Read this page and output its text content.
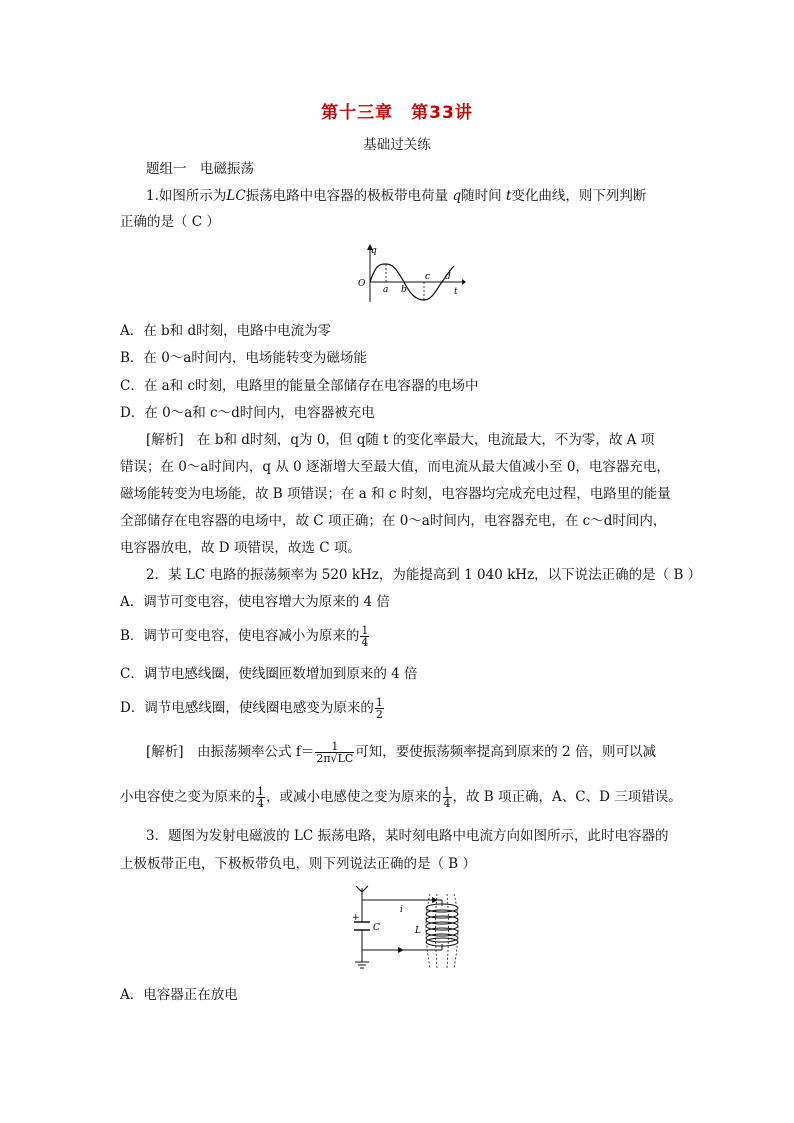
第十三章　第33讲
基础过关练
题组一　电磁振荡
1.如图所示为LC振荡电路中电容器的极板带电荷量 q随时间 t变化曲线，则下列判断
正确的是（ C ）
q
O
a b
c d
t
A．在 b和 d时刻，电路中电流为零
B．在 0～a时间内，电场能转变为磁场能
C．在 a和 c时刻，电路里的能量全部储存在电容器的电场中
D．在 0～a和 c～d时间内，电容器被充电
[解析]　在 b和 d时刻，q为 0，但 q随 t 的变化率最大，电流最大，不为零，故 A 项
错误；在 0～a时间内，q 从 0 逐渐增大至最大值，而电流从最大值减小至 0，电容器充电，
磁场能转变为电场能，故 B 项错误；在 a 和 c 时刻，电容器均完成充电过程，电路里的能量
全部储存在电容器的电场中，故 C 项正确；在 0～a时间内，电容器充电，在 c～d时间内，
电容器放电，故 D 项错误，故选 C 项。
2．某 LC 电路的振荡频率为 520 kHz，为能提高到 1 040 kHz，以下说法正确的是（ B ）
A．调节可变电容，使电容增大为原来的 4 倍
B．调节可变电容，使电容减小为原来的 $\frac{1}{4}$
C．调节电感线圈，使线圈匝数增加到原来的 4 倍
D．调节电感线圈，使线圈电感变为原来的 $\frac{1}{2}$
[解析]　由振荡频率公式 $f= \frac{1}{2\pi√LC}$ 可知，要使振荡频率提高到原来的 2 倍，则可以减
小电容使之变为原来的 $\frac{1}{4}$ ，或减小电感使之变为原来的 $\frac{1}{4}$ ，故 B 项正确，A、C、D 三项错误。
3．题图为发射电磁波的 LC 振荡电路，某时刻电路中电流方向如图所示，此时电容器的
上极板带正电，下极板带负电，则下列说法正确的是（ B ）
+
C
i
L
A．电容器正在放电
